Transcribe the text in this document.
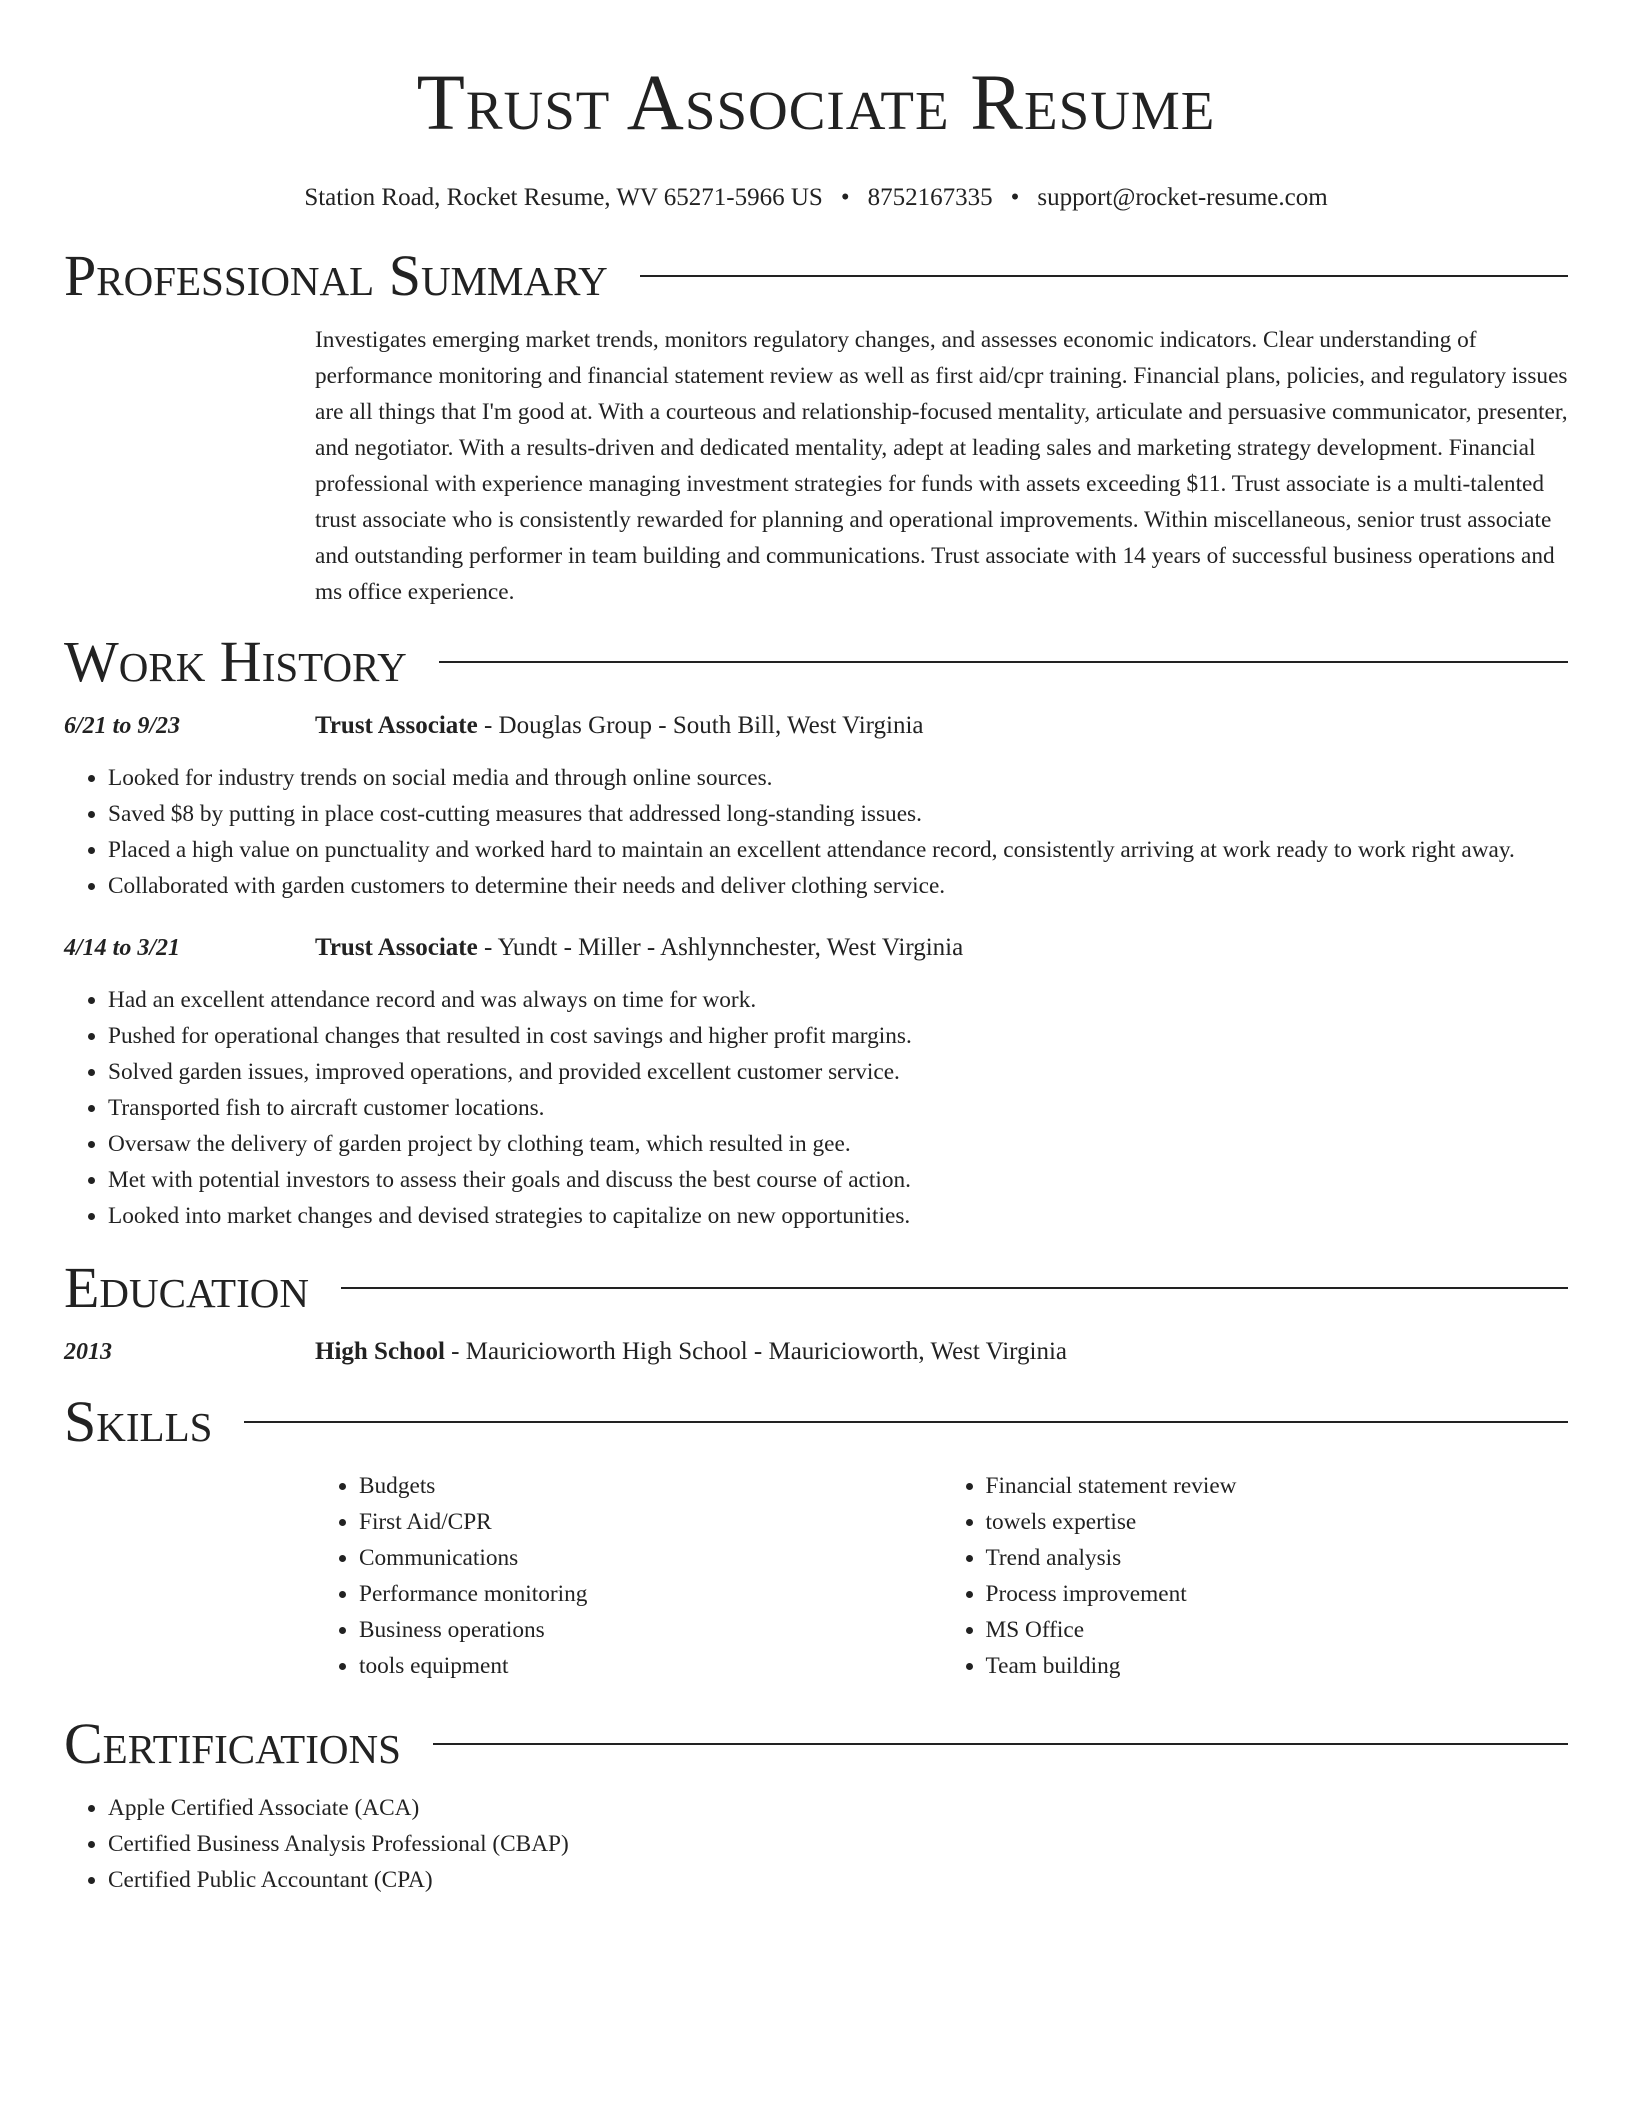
Trust Associate Resume
Station Road, Rocket Resume, WV 65271-5966 US • 8752167335 • support@rocket-resume.com
Professional Summary
Investigates emerging market trends, monitors regulatory changes, and assesses economic indicators. Clear understanding of performance monitoring and financial statement review as well as first aid/cpr training. Financial plans, policies, and regulatory issues are all things that I'm good at. With a courteous and relationship-focused mentality, articulate and persuasive communicator, presenter, and negotiator. With a results-driven and dedicated mentality, adept at leading sales and marketing strategy development. Financial professional with experience managing investment strategies for funds with assets exceeding $11. Trust associate is a multi-talented trust associate who is consistently rewarded for planning and operational improvements. Within miscellaneous, senior trust associate and outstanding performer in team building and communications. Trust associate with 14 years of successful business operations and ms office experience.
Work History
6/21 to 9/23	Trust Associate - Douglas Group - South Bill, West Virginia
• Looked for industry trends on social media and through online sources.
• Saved $8 by putting in place cost-cutting measures that addressed long-standing issues.
• Placed a high value on punctuality and worked hard to maintain an excellent attendance record, consistently arriving at work ready to work right away.
• Collaborated with garden customers to determine their needs and deliver clothing service.
4/14 to 3/21	Trust Associate - Yundt - Miller - Ashlynnchester, West Virginia
• Had an excellent attendance record and was always on time for work.
• Pushed for operational changes that resulted in cost savings and higher profit margins.
• Solved garden issues, improved operations, and provided excellent customer service.
• Transported fish to aircraft customer locations.
• Oversaw the delivery of garden project by clothing team, which resulted in gee.
• Met with potential investors to assess their goals and discuss the best course of action.
• Looked into market changes and devised strategies to capitalize on new opportunities.
Education
2013	High School - Mauricioworth High School - Mauricioworth, West Virginia
Skills
• Budgets
• First Aid/CPR
• Communications
• Performance monitoring
• Business operations
• tools equipment
• Financial statement review
• towels expertise
• Trend analysis
• Process improvement
• MS Office
• Team building
Certifications
• Apple Certified Associate (ACA)
• Certified Business Analysis Professional (CBAP)
• Certified Public Accountant (CPA)
